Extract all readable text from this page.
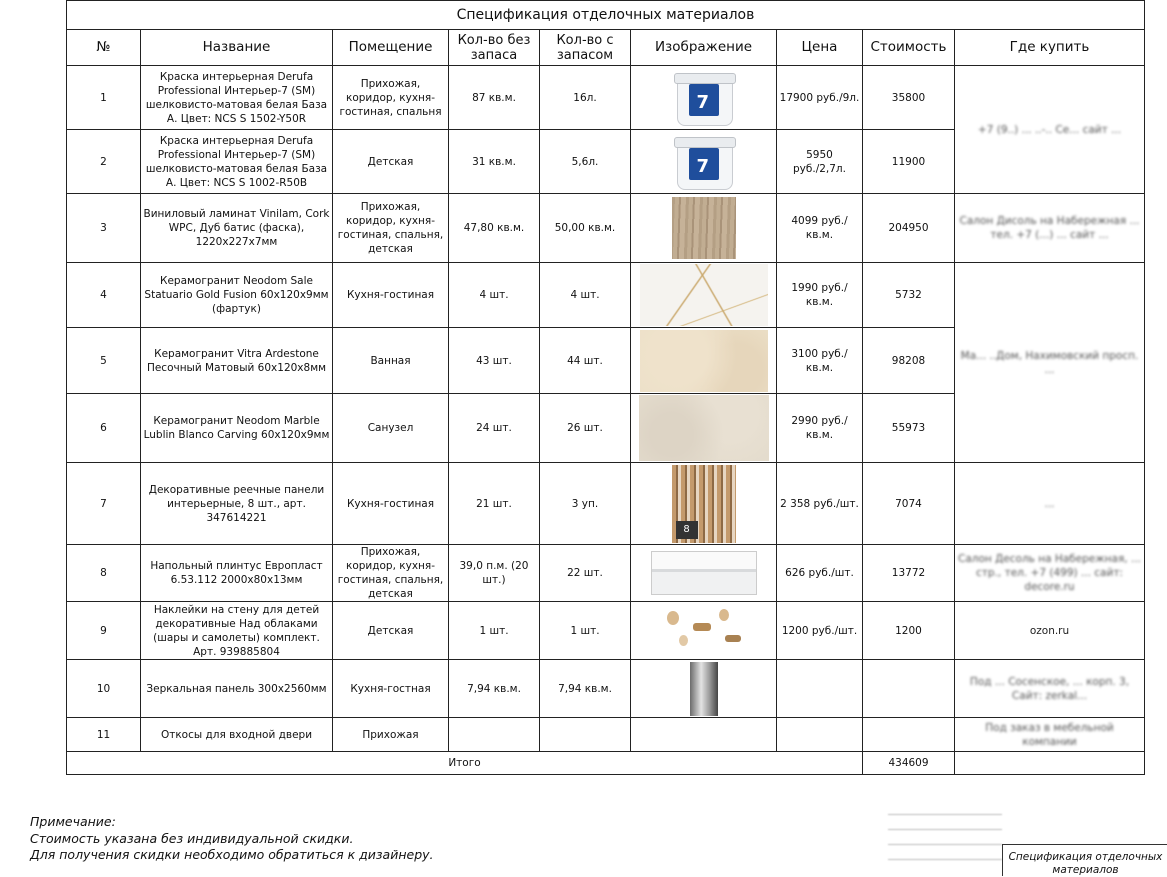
Спецификация отделочных материалов								
№	Название	Помещение	Кол-во без запаса	Кол-во с запасом	Изображение	Цена	Стоимость	Где купить
1	Краска интерьерная Derufa Professional Интерьер-7 (SM) шелковисто-матовая белая База А. Цвет: NCS S 1502-Y50R	Прихожая, коридор, кухня-гостиная, спальня	87 кв.м.	16л.	7	17900 руб./9л.	35800	+7 (9..) ... ..-.. Се... сайт ...
2	Краска интерьерная Derufa Professional Интерьер-7 (SM) шелковисто-матовая белая База А. Цвет: NCS S 1002-R50B	Детская	31 кв.м.	5,6л.	7	5950 руб./2,7л.	11900	
3	Виниловый ламинат Vinilam, Cork WPC, Дуб батис (фаска), 1220х227х7мм	Прихожая, коридор, кухня-гостиная, спальня, детская	47,80 кв.м.	50,00 кв.м.		4099 руб./кв.м.	204950	Салон Дисоль на Набережная ... тел. +7 (...) ... сайт ...
4	Керамогранит Neodom Sale Statuario Gold Fusion 60х120х9мм (фартук)	Кухня-гостиная	4 шт.	4 шт.		1990 руб./кв.м.	5732	Ма... ..Дом, Нахимовский просп. ...
5	Керамогранит Vitra Ardestone Песочный Матовый 60х120х8мм	Ванная	43 шт.	44 шт.		3100 руб./кв.м.	98208	
6	Керамогранит Neodom Marble Lublin Blanco Carving 60х120х9мм	Санузел	24 шт.	26 шт.		2990 руб./кв.м.	55973	
7	Декоративные реечные панели интерьерные, 8 шт., арт. 347614221	Кухня-гостиная	21 шт.	3 уп.	8	2 358 руб./шт.	7074	...
8	Напольный плинтус Европласт 6.53.112 2000х80х13мм	Прихожая, коридор, кухня-гостиная, спальня, детская	39,0 п.м. (20 шт.)	22 шт.		626 руб./шт.	13772	Салон Десоль на Набережная, ... стр., тел. +7 (499) ... сайт: decore.ru
9	Наклейки на стену для детей декоративные Над облаками (шары и самолеты) комплект. Арт. 939885804	Детская	1 шт.	1 шт.		1200 руб./шт.	1200	ozon.ru
10	Зеркальная панель 300х2560мм	Кухня-гостная	7,94 кв.м.	7,94 кв.м.				Под ... Сосенское, ... корп. 3, Сайт: zerkal...
11	Откосы для входной двери	Прихожая						Под заказ в мебельной компании
Итого							434609	
Примечание:
Стоимость указана без индивидуальной скидки.
Для получения скидки необходимо обратиться к дизайнеру.	Спецификация отделочных материалов
